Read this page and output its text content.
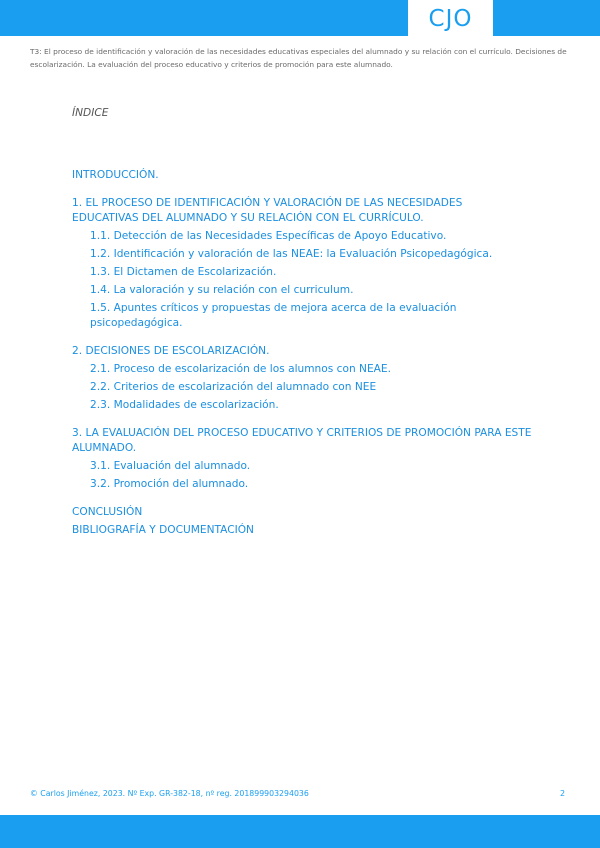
CJO
T3: El proceso de identificación y valoración de las necesidades educativas especiales del alumnado y su relación con el currículo. Decisiones de escolarización. La evaluación del proceso educativo y criterios de promoción para este alumnado.
ÍNDICE

INTRODUCCIÓN.

1. EL PROCESO DE IDENTIFICACIÓN Y VALORACIÓN DE LAS NECESIDADES EDUCATIVAS DEL ALUMNADO Y SU RELACIÓN CON EL CURRÍCULO.

1.1. Detección de las Necesidades Específicas de Apoyo Educativo.

1.2. Identificación y valoración de las NEAE: la Evaluación Psicopedagógica.

1.3. El Dictamen de Escolarización.

1.4. La valoración y su relación con el curriculum.

1.5. Apuntes críticos y propuestas de mejora acerca de la evaluación psicopedagógica.

2. DECISIONES DE ESCOLARIZACIÓN.

2.1. Proceso de escolarización de los alumnos con NEAE.

2.2. Criterios de escolarización del alumnado con NEE

2.3. Modalidades de escolarización.

3. LA EVALUACIÓN DEL PROCESO EDUCATIVO Y CRITERIOS DE PROMOCIÓN PARA ESTE ALUMNADO.

3.1. Evaluación del alumnado.

3.2. Promoción del alumnado.

CONCLUSIÓN

BIBLIOGRAFÍA Y DOCUMENTACIÓN

© Carlos Jiménez, 2023. Nº Exp. GR-382-18, nº reg. 201899903294036	2
